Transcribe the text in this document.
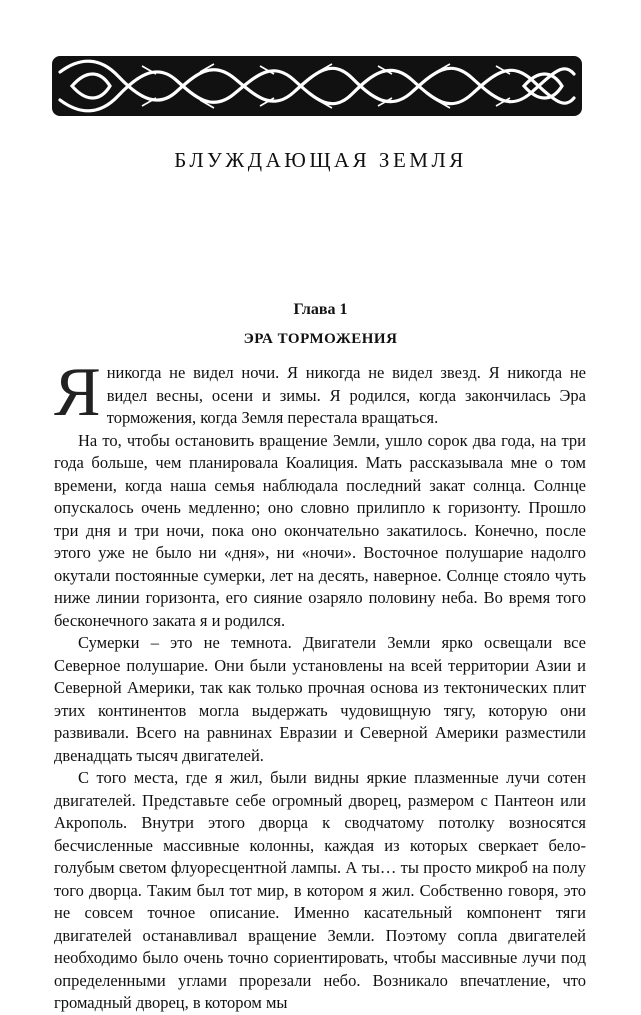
БЛУЖДАЮЩАЯ ЗЕМЛЯ
Глава 1
ЭРА ТОРМОЖЕНИЯ

Я никогда не видел ночи. Я никогда не видел звезд. Я никогда не видел весны, осени и зимы. Я родился, когда закончилась Эра торможения, когда Земля перестала вращаться.

На то, чтобы остановить вращение Земли, ушло сорок два года, на три года больше, чем планировала Коалиция. Мать рассказывала мне о том времени, когда наша семья наблюдала последний закат солнца. Солнце опускалось очень медленно; оно словно прилипло к горизонту. Прошло три дня и три ночи, пока оно окончательно закатилось. Конечно, после этого уже не было ни «дня», ни «ночи». Восточное полушарие надолго окутали постоянные сумерки, лет на десять, наверное. Солнце стояло чуть ниже линии горизонта, его сияние озаряло половину неба. Во время того бесконечного заката я и родился.

Сумерки – это не темнота. Двигатели Земли ярко освещали все Северное полушарие. Они были установлены на всей территории Азии и Северной Америки, так как только прочная основа из тектонических плит этих континентов могла выдержать чудовищную тягу, которую они развивали. Всего на равнинах Евразии и Северной Америки разместили двенадцать тысяч двигателей.

С того места, где я жил, были видны яркие плазменные лучи сотен двигателей. Представьте себе огромный дворец, размером с Пантеон или Акрополь. Внутри этого дворца к сводчатому потолку возносятся бесчисленные массивные колонны, каждая из которых сверкает бело-голубым светом флуоресцентной лампы. А ты… ты просто микроб на полу того дворца. Таким был тот мир, в котором я жил. Собственно говоря, это не совсем точное описание. Именно касательный компонент тяги двигателей останавливал вращение Земли. Поэтому сопла двигателей необходимо было очень точно сориентировать, чтобы массивные лучи под определенными углами прорезали небо. Возникало впечатление, что громадный дворец, в котором мы
